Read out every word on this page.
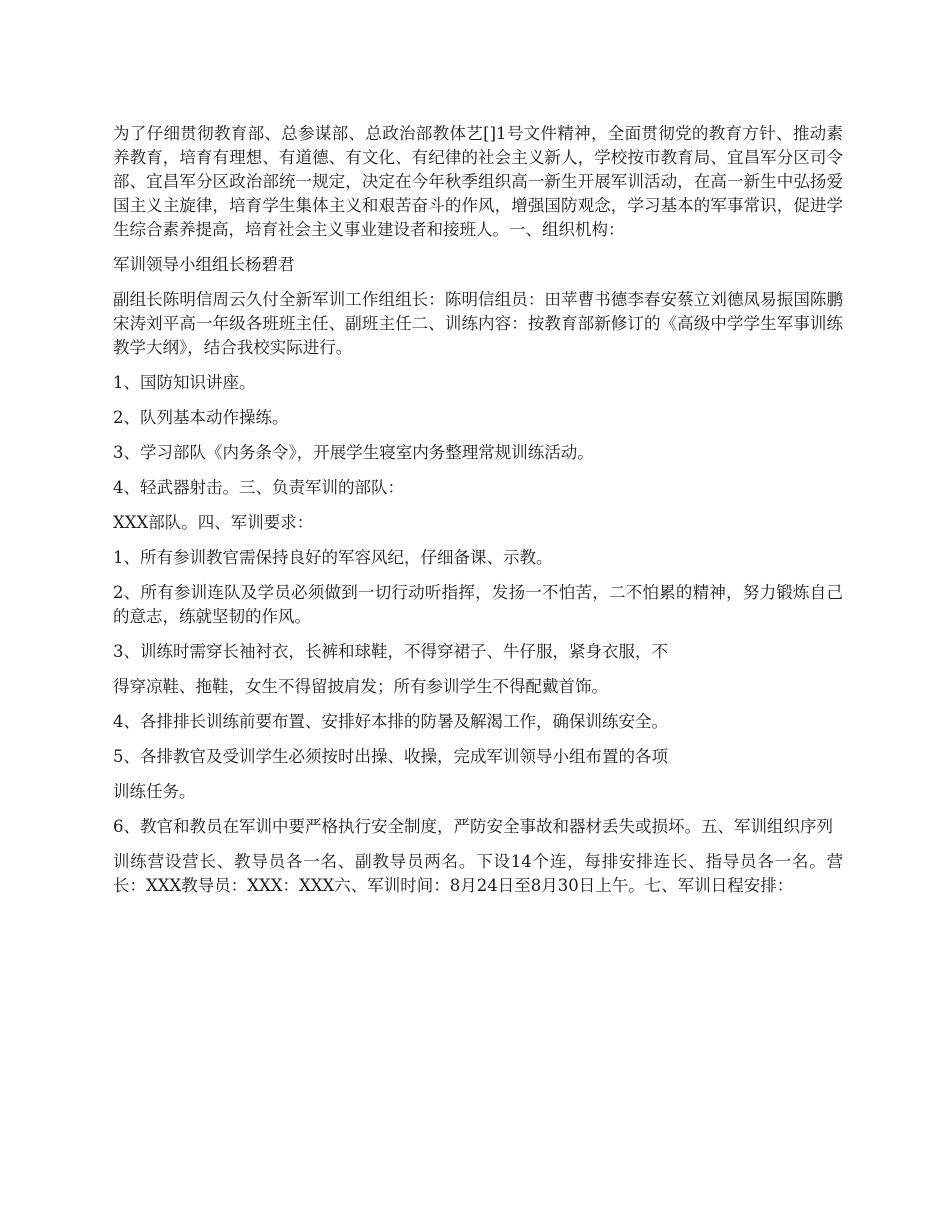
为了仔细贯彻教育部、总参谋部、总政治部教体艺[]1号文件精神，全面贯彻党的教育方针、推动素养教育，培育有理想、有道德、有文化、有纪律的社会主义新人，学校按市教育局、宜昌军分区司令部、宜昌军分区政治部统一规定，决定在今年秋季组织高一新生开展军训活动，在高一新生中弘扬爱国主义主旋律，培育学生集体主义和艰苦奋斗的作风，增强国防观念，学习基本的军事常识，促进学生综合素养提高，培育社会主义事业建设者和接班人。一、组织机构：

军训领导小组组长杨碧君

副组长陈明信周云久付全新军训工作组组长：陈明信组员：田苹曹书德李春安蔡立刘德凤易振国陈鹏宋涛刘平高一年级各班班主任、副班主任二、训练内容：按教育部新修订的《高级中学学生军事训练教学大纲》，结合我校实际进行。

1、国防知识讲座。

2、队列基本动作操练。

3、学习部队《内务条令》，开展学生寝室内务整理常规训练活动。

4、轻武器射击。三、负责军训的部队：

XXX部队。四、军训要求：

1、所有参训教官需保持良好的军容风纪，仔细备课、示教。

2、所有参训连队及学员必须做到一切行动听指挥，发扬一不怕苦，二不怕累的精神，努力锻炼自己的意志，练就坚韧的作风。

3、训练时需穿长袖衬衣，长裤和球鞋，不得穿裙子、牛仔服，紧身衣服，不

得穿凉鞋、拖鞋，女生不得留披肩发；所有参训学生不得配戴首饰。

4、各排排长训练前要布置、安排好本排的防暑及解渴工作，确保训练安全。

5、各排教官及受训学生必须按时出操、收操，完成军训领导小组布置的各项

训练任务。

6、教官和教员在军训中要严格执行安全制度，严防安全事故和器材丢失或损坏。五、军训组织序列

训练营设营长、教导员各一名、副教导员两名。下设14个连，每排安排连长、指导员各一名。营长：XXX教导员：XXX：XXX六、军训时间：8月24日至8月30日上午。七、军训日程安排：
